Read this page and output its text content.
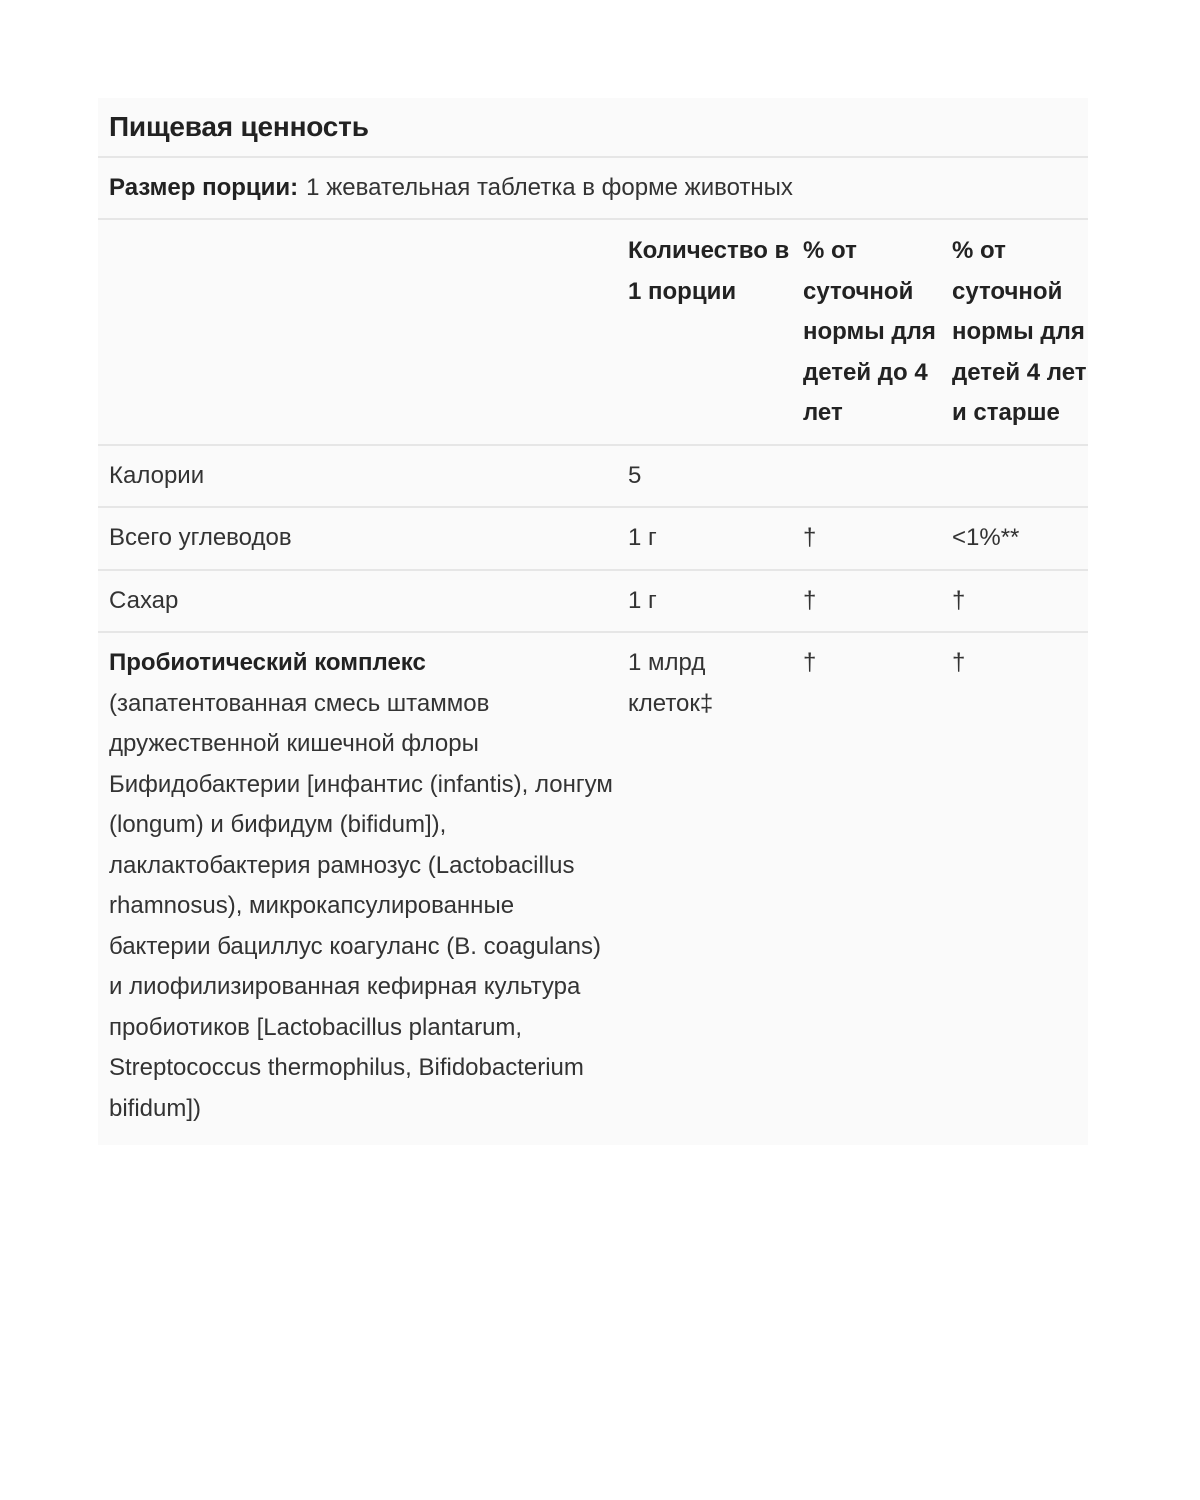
Пищевая ценность
Размер порции: 1 жевательная таблетка в форме животных
	Количество в 1 порции	% от суточной нормы для детей до 4 лет	% от суточной нормы для детей 4 лет и старше
Калории	5		
Всего углеводов	1 г	†	<1%**
Сахар	1 г	†	†
Пробиотический комплекс (запатентованная смесь штаммов дружественной кишечной флоры Бифидобактерии [инфантис (infantis), лонгум (longum) и бифидум (bifidum]), лаклактобактерия рамнозус (Lactobacillus rhamnosus), микрокапсулированные бактерии бациллус коагуланс (B. coagulans) и лиофилизированная кефирная культура пробиотиков [Lactobacillus plantarum, Streptococcus thermophilus, Bifidobacterium bifidum])	1 млрд клеток‡	†	†
